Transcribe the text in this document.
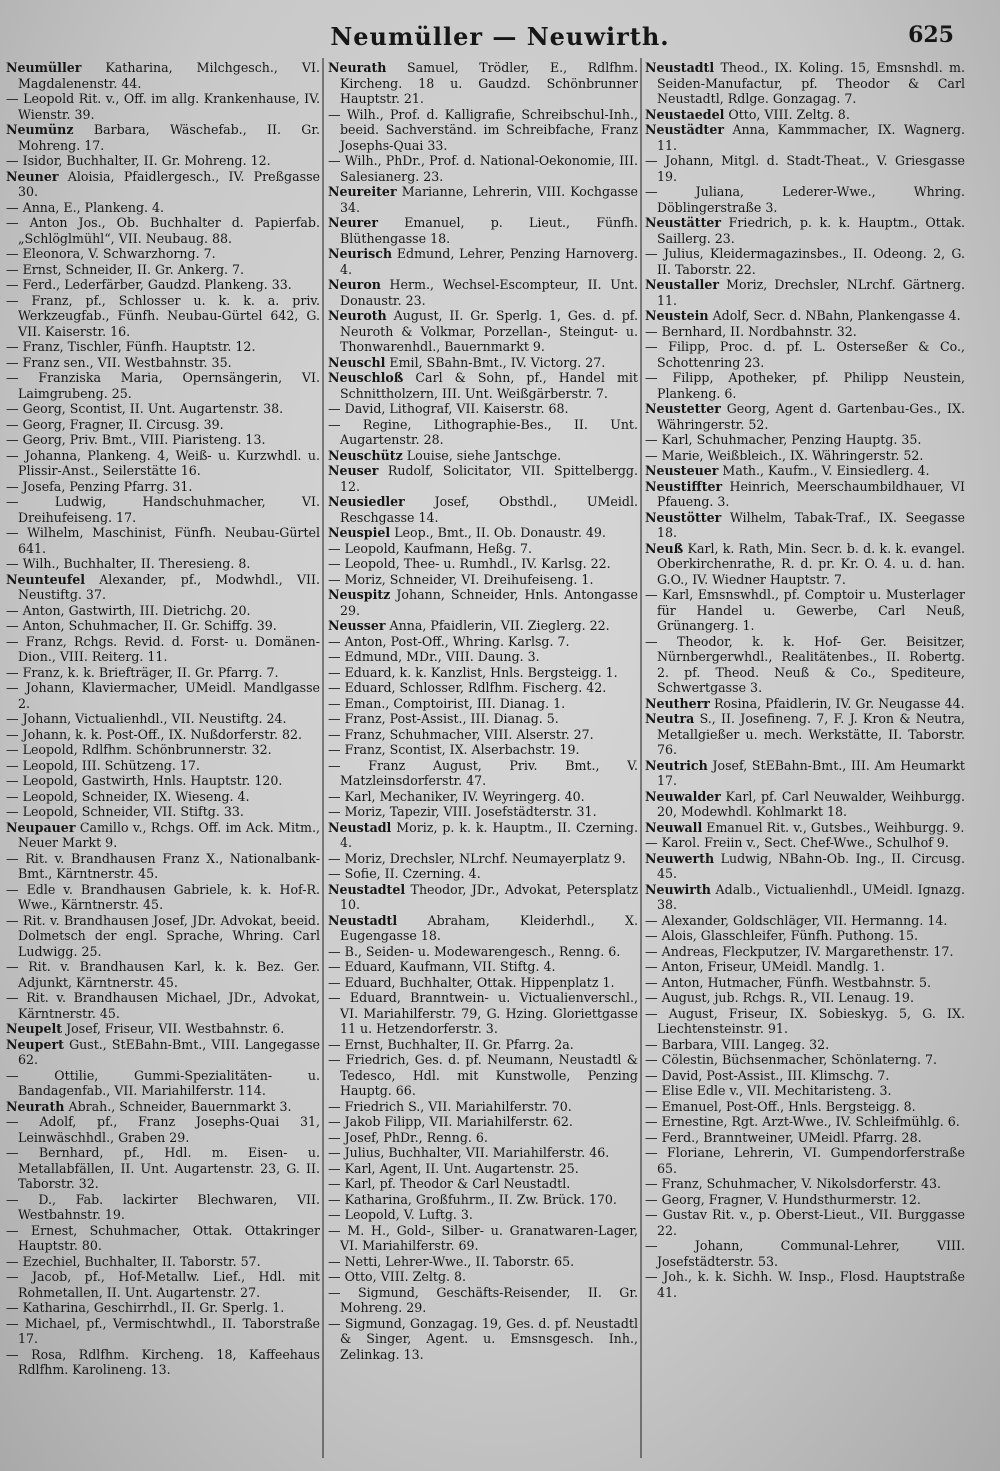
Neumüller — Neuwirth.	625

Neumüller Katharina, Milchgesch., VI. Magdalenenstr. 44.

— Leopold Rit. v., Off. im allg. Krankenhause, IV. Wienstr. 39.

Neumünz Barbara, Wäschefab., II. Gr. Mohreng. 17.

— Isidor, Buchhalter, II. Gr. Mohreng. 12.

Neuner Aloisia, Pfaidlergesch., IV. Preßgasse 30.

— Anna, E., Plankeng. 4.

— Anton Jos., Ob. Buchhalter d. Papierfab. „Schlöglmühl“, VII. Neubaug. 88.

— Eleonora, V. Schwarzhorng. 7.

— Ernst, Schneider, II. Gr. Ankerg. 7.

— Ferd., Lederfärber, Gaudzd. Plankeng. 33.

— Franz, pf., Schlosser u. k. k. a. priv. Werkzeugfab., Fünfh. Neubau-Gürtel 642, G. VII. Kaiserstr. 16.

— Franz, Tischler, Fünfh. Hauptstr. 12.

— Franz sen., VII. Westbahnstr. 35.

— Franziska Maria, Opernsängerin, VI. Laimgrubeng. 25.

— Georg, Scontist, II. Unt. Augartenstr. 38.

— Georg, Fragner, II. Circusg. 39.

— Georg, Priv. Bmt., VIII. Piaristeng. 13.

— Johanna, Plankeng. 4, Weiß- u. Kurzwhdl. u. Plissir-Anst., Seilerstätte 16.

— Josefa, Penzing Pfarrg. 31.

— Ludwig, Handschuhmacher, VI. Dreihufeiseng. 17.

— Wilhelm, Maschinist, Fünfh. Neubau-Gürtel 641.

— Wilh., Buchhalter, II. Theresieng. 8.

Neunteufel Alexander, pf., Modwhdl., VII. Neustiftg. 37.

— Anton, Gastwirth, III. Dietrichg. 20.

— Anton, Schuhmacher, II. Gr. Schiffg. 39.

— Franz, Rchgs. Revid. d. Forst- u. Domänen-Dion., VIII. Reiterg. 11.

— Franz, k. k. Briefträger, II. Gr. Pfarrg. 7.

— Johann, Klaviermacher, UMeidl. Mandlgasse 2.

— Johann, Victualienhdl., VII. Neustiftg. 24.

— Johann, k. k. Post-Off., IX. Nußdorferstr. 82.

— Leopold, Rdlfhm. Schönbrunnerstr. 32.

— Leopold, III. Schützeng. 17.

— Leopold, Gastwirth, Hnls. Hauptstr. 120.

— Leopold, Schneider, IX. Wieseng. 4.

— Leopold, Schneider, VII. Stiftg. 33.

Neupauer Camillo v., Rchgs. Off. im Ack. Mitm., Neuer Markt 9.

— Rit. v. Brandhausen Franz X., Nationalbank-Bmt., Kärntnerstr. 45.

— Edle v. Brandhausen Gabriele, k. k. Hof-R. Wwe., Kärntnerstr. 45.

— Rit. v. Brandhausen Josef, JDr. Advokat, beeid. Dolmetsch der engl. Sprache, Whring. Carl Ludwigg. 25.

— Rit. v. Brandhausen Karl, k. k. Bez. Ger. Adjunkt, Kärntnerstr. 45.

— Rit. v. Brandhausen Michael, JDr., Advokat, Kärntnerstr. 45.

Neupelt Josef, Friseur, VII. Westbahnstr. 6.

Neupert Gust., StEBahn-Bmt., VIII. Langegasse 62.

— Ottilie, Gummi-Spezialitäten- u. Bandagenfab., VII. Mariahilferstr. 114.

Neurath Abrah., Schneider, Bauernmarkt 3.

— Adolf, pf., Franz Josephs-Quai 31, Leinwäschhdl., Graben 29.

— Bernhard, pf., Hdl. m. Eisen- u. Metallabfällen, II. Unt. Augartenstr. 23, G. II. Taborstr. 32.

— D., Fab. lackirter Blechwaren, VII. Westbahnstr. 19.

— Ernest, Schuhmacher, Ottak. Ottakringer Hauptstr. 80.

— Ezechiel, Buchhalter, II. Taborstr. 57.

— Jacob, pf., Hof-Metallw. Lief., Hdl. mit Rohmetallen, II. Unt. Augartenstr. 27.

— Katharina, Geschirrhdl., II. Gr. Sperlg. 1.

— Michael, pf., Vermischtwhdl., II. Taborstraße 17.

— Rosa, Rdlfhm. Kircheng. 18, Kaffeehaus Rdlfhm. Karolineng. 13.

Neurath Samuel, Trödler, E., Rdlfhm. Kircheng. 18 u. Gaudzd. Schönbrunner Hauptstr. 21.

— Wilh., Prof. d. Kalligrafie, Schreibschul-Inh., beeid. Sachverständ. im Schreibfache, Franz Josephs-Quai 33.

— Wilh., PhDr., Prof. d. National-Oekonomie, III. Salesianerg. 23.

Neureiter Marianne, Lehrerin, VIII. Kochgasse 34.

Neurer Emanuel, p. Lieut., Fünfh. Blüthengasse 18.

Neurisch Edmund, Lehrer, Penzing Harnoverg. 4.

Neuron Herm., Wechsel-Escompteur, II. Unt. Donaustr. 23.

Neuroth August, II. Gr. Sperlg. 1, Ges. d. pf. Neuroth & Volkmar, Porzellan-, Steingut- u. Thonwarenhdl., Bauernmarkt 9.

Neuschl Emil, SBahn-Bmt., IV. Victorg. 27.

Neuschloß Carl & Sohn, pf., Handel mit Schnittholzern, III. Unt. Weißgärberstr. 7.

— David, Lithograf, VII. Kaiserstr. 68.

— Regine, Lithographie-Bes., II. Unt. Augartenstr. 28.

Neuschütz Louise, siehe Jantschge.

Neuser Rudolf, Solicitator, VII. Spittelbergg. 12.

Neusiedler Josef, Obsthdl., UMeidl. Reschgasse 14.

Neuspiel Leop., Bmt., II. Ob. Donaustr. 49.

— Leopold, Kaufmann, Heßg. 7.

— Leopold, Thee- u. Rumhdl., IV. Karlsg. 22.

— Moriz, Schneider, VI. Dreihufeiseng. 1.

Neuspitz Johann, Schneider, Hnls. Antongasse 29.

Neusser Anna, Pfaidlerin, VII. Zieglerg. 22.

— Anton, Post-Off., Whring. Karlsg. 7.

— Edmund, MDr., VIII. Daung. 3.

— Eduard, k. k. Kanzlist, Hnls. Bergsteigg. 1.

— Eduard, Schlosser, Rdlfhm. Fischerg. 42.

— Eman., Comptoirist, III. Dianag. 1.

— Franz, Post-Assist., III. Dianag. 5.

— Franz, Schuhmacher, VIII. Alserstr. 27.

— Franz, Scontist, IX. Alserbachstr. 19.

— Franz August, Priv. Bmt., V. Matzleinsdorferstr. 47.

— Karl, Mechaniker, IV. Weyringerg. 40.

— Moriz, Tapezir, VIII. Josefstädterstr. 31.

Neustadl Moriz, p. k. k. Hauptm., II. Czerning. 4.

— Moriz, Drechsler, NLrchf. Neumayerplatz 9.

— Sofie, II. Czerning. 4.

Neustadtel Theodor, JDr., Advokat, Petersplatz 10.

Neustadtl Abraham, Kleiderhdl., X. Eugengasse 18.

— B., Seiden- u. Modewarengesch., Renng. 6.

— Eduard, Kaufmann, VII. Stiftg. 4.

— Eduard, Buchhalter, Ottak. Hippenplatz 1.

— Eduard, Branntwein- u. Victualienverschl., VI. Mariahilferstr. 79, G. Hzing. Gloriettgasse 11 u. Hetzendorferstr. 3.

— Ernst, Buchhalter, II. Gr. Pfarrg. 2a.

— Friedrich, Ges. d. pf. Neumann, Neustadtl & Tedesco, Hdl. mit Kunstwolle, Penzing Hauptg. 66.

— Friedrich S., VII. Mariahilferstr. 70.

— Jakob Filipp, VII. Mariahilferstr. 62.

— Josef, PhDr., Renng. 6.

— Julius, Buchhalter, VII. Mariahilferstr. 46.

— Karl, Agent, II. Unt. Augartenstr. 25.

— Karl, pf. Theodor & Carl Neustadtl.

— Katharina, Großfuhrm., II. Zw. Brück. 170.

— Leopold, V. Luftg. 3.

— M. H., Gold-, Silber- u. Granatwaren-Lager, VI. Mariahilferstr. 69.

— Netti, Lehrer-Wwe., II. Taborstr. 65.

— Otto, VIII. Zeltg. 8.

— Sigmund, Geschäfts-Reisender, II. Gr. Mohreng. 29.

— Sigmund, Gonzagag. 19, Ges. d. pf. Neustadtl & Singer, Agent. u. Emsnsgesch. Inh., Zelinkag. 13.

Neustadtl Theod., IX. Koling. 15, Emsnshdl. m. Seiden-Manufactur, pf. Theodor & Carl Neustadtl, Rdlge. Gonzagag. 7.

Neustaedel Otto, VIII. Zeltg. 8.

Neustädter Anna, Kammmacher, IX. Wagnerg. 11.

— Johann, Mitgl. d. Stadt-Theat., V. Griesgasse 19.

— Juliana, Lederer-Wwe., Whring. Döblingerstraße 3.

Neustätter Friedrich, p. k. k. Hauptm., Ottak. Saillerg. 23.

— Julius, Kleidermagazinsbes., II. Odeong. 2, G. II. Taborstr. 22.

Neustaller Moriz, Drechsler, NLrchf. Gärtnerg. 11.

Neustein Adolf, Secr. d. NBahn, Plankengasse 4.

— Bernhard, II. Nordbahnstr. 32.

— Filipp, Proc. d. pf. L. Osterseßer & Co., Schottenring 23.

— Filipp, Apotheker, pf. Philipp Neustein, Plankeng. 6.

Neustetter Georg, Agent d. Gartenbau-Ges., IX. Währingerstr. 52.

— Karl, Schuhmacher, Penzing Hauptg. 35.

— Marie, Weißbleich., IX. Währingerstr. 52.

Neusteuer Math., Kaufm., V. Einsiedlerg. 4.

Neustiffter Heinrich, Meerschaumbildhauer, VI Pfaueng. 3.

Neustötter Wilhelm, Tabak-Traf., IX. Seegasse 18.

Neuß Karl, k. Rath, Min. Secr. b. d. k. k. evangel. Oberkirchenrathe, R. d. pr. Kr. O. 4. u. d. han. G.O., IV. Wiedner Hauptstr. 7.

— Karl, Emsnswhdl., pf. Comptoir u. Musterlager für Handel u. Gewerbe, Carl Neuß, Grünangerg. 1.

— Theodor, k. k. Hof- Ger. Beisitzer, Nürnbergerwhdl., Realitätenbes., II. Robertg. 2. pf. Theod. Neuß & Co., Spediteure, Schwertgasse 3.

Neutherr Rosina, Pfaidlerin, IV. Gr. Neugasse 44.

Neutra S., II. Josefineng. 7, F. J. Kron & Neutra, Metallgießer u. mech. Werkstätte, II. Taborstr. 76.

Neutrich Josef, StEBahn-Bmt., III. Am Heumarkt 17.

Neuwalder Karl, pf. Carl Neuwalder, Weihburgg. 20, Modewhdl. Kohlmarkt 18.

Neuwall Emanuel Rit. v., Gutsbes., Weihburgg. 9.

— Karol. Freiin v., Sect. Chef-Wwe., Schulhof 9.

Neuwerth Ludwig, NBahn-Ob. Ing., II. Circusg. 45.

Neuwirth Adalb., Victualienhdl., UMeidl. Ignazg. 38.

— Alexander, Goldschläger, VII. Hermanng. 14.

— Alois, Glasschleifer, Fünfh. Puthong. 15.

— Andreas, Fleckputzer, IV. Margarethenstr. 17.

— Anton, Friseur, UMeidl. Mandlg. 1.

— Anton, Hutmacher, Fünfh. Westbahnstr. 5.

— August, jub. Rchgs. R., VII. Lenaug. 19.

— August, Friseur, IX. Sobieskyg. 5, G. IX. Liechtensteinstr. 91.

— Barbara, VIII. Langeg. 32.

— Cölestin, Büchsenmacher, Schönlaterng. 7.

— David, Post-Assist., III. Klimschg. 7.

— Elise Edle v., VII. Mechitaristeng. 3.

— Emanuel, Post-Off., Hnls. Bergsteigg. 8.

— Ernestine, Rgt. Arzt-Wwe., IV. Schleifmühlg. 6.

— Ferd., Branntweiner, UMeidl. Pfarrg. 28.

— Floriane, Lehrerin, VI. Gumpendorferstraße 65.

— Franz, Schuhmacher, V. Nikolsdorferstr. 43.

— Georg, Fragner, V. Hundsthurmerstr. 12.

— Gustav Rit. v., p. Oberst-Lieut., VII. Burggasse 22.

— Johann, Communal-Lehrer, VIII. Josefstädterstr. 53.

— Joh., k. k. Sichh. W. Insp., Flosd. Hauptstraße 41.
